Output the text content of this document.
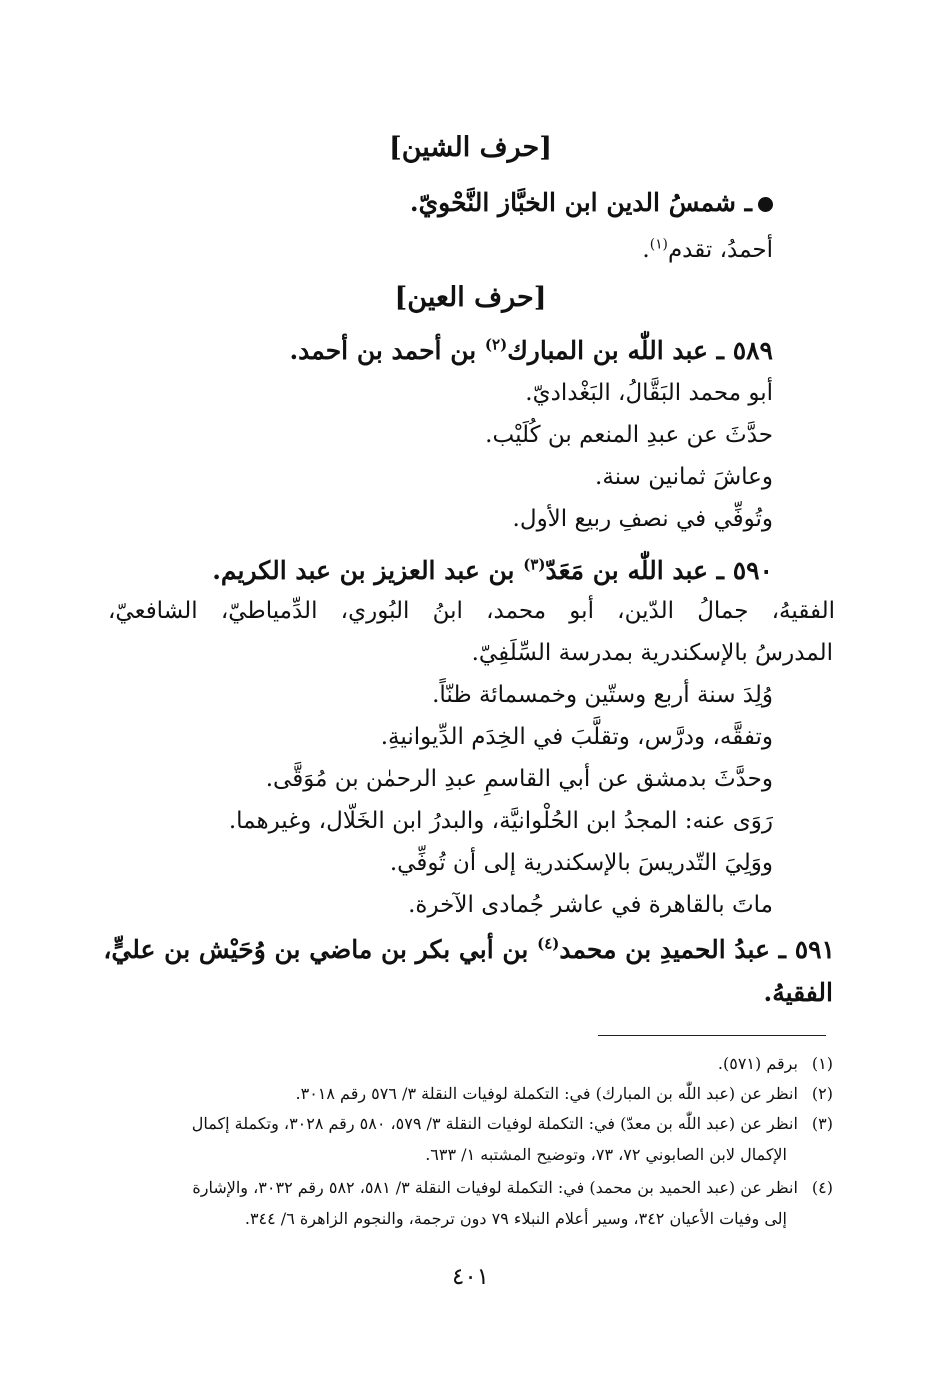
[حرف الشين]
ـ شمسُ الدين ابن الخبَّاز النَّحْويّ.
أحمدُ، تقدم$^{(١)}$.
[حرف العين]
٥٨٩ ـ عبد اللّٰه بن المبارك$^{(٢)}$ بن أحمد بن أحمد.
أبو محمد البَقَّالُ، البَغْداديّ.
حدَّثَ عن عبدِ المنعم بن كُلَيْب.
وعاشَ ثمانين سنة.
وتُوفِّي في نصفِ ربيع الأول.
٥٩٠ ـ عبد اللّٰه بن مَعَدّ$^{(٣)}$ بن عبد العزيز بن عبد الكريم.
الفقيهُ، جمالُ الدّين، أبو محمد، ابنُ البُوري، الدِّمياطيّ، الشافعيّ،
المدرسُ بالإسكندرية بمدرسة السِّلَفِيّ.
وُلِدَ سنة أربع وستّين وخمسمائة ظنّاً.
وتفقَّه، ودرَّس، وتقلَّبَ في الخِدَم الدِّيوانيةِ.
وحدَّثَ بدمشق عن أبي القاسمِ عبدِ الرحمٰن بن مُوَقَّى.
رَوَى عنه: المجدُ ابن الحُلْوانيَّة، والبدرُ ابن الخَلّال، وغيرهما.
ووَلِيَ التّدريسَ بالإسكندرية إلى أن تُوفِّي.
ماتَ بالقاهرة في عاشر جُمادى الآخرة.
٥٩١ ـ عبدُ الحميدِ بن محمد$^{(٤)}$ بن أبي بكر بن ماضي بن وُحَيْش بن عليٍّ،
الفقيهُ.
(١)برقم (٥٧١).
(٢)انظر عن (عبد اللّٰه بن المبارك) في: التكملة لوفيات النقلة ٣/ ٥٧٦ رقم ٣٠١٨.
(٣)انظر عن (عبد اللّٰه بن معدّ) في: التكملة لوفيات النقلة ٣/ ٥٧٩، ٥٨٠ رقم ٣٠٢٨، وتكملة إكمال
الإكمال لابن الصابوني ٧٢، ٧٣، وتوضيح المشتبه ١/ ٦٣٣.
(٤)انظر عن (عبد الحميد بن محمد) في: التكملة لوفيات النقلة ٣/ ٥٨١، ٥٨٢ رقم ٣٠٣٢، والإشارة
إلى وفيات الأعيان ٣٤٢، وسير أعلام النبلاء ٧٩ دون ترجمة، والنجوم الزاهرة ٦/ ٣٤٤.
٤٠١
